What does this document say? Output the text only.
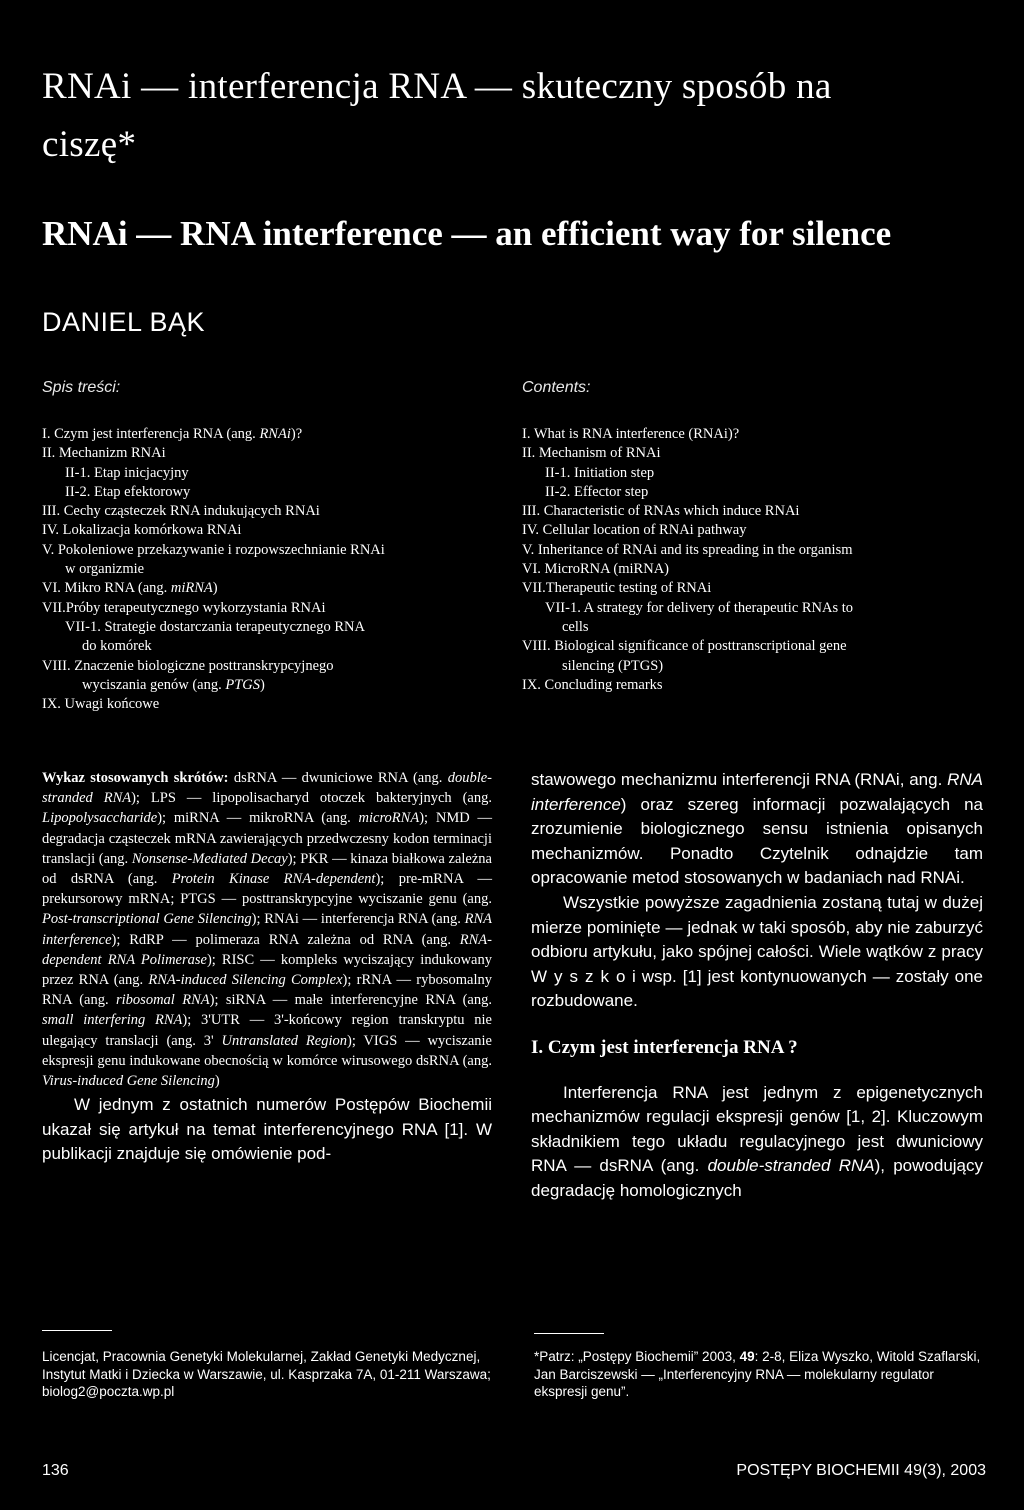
RNAi — interferencja RNA — skuteczny sposób na
ciszę*
RNAi — RNA interference — an efficient way for silence
DANIEL BĄK
Spis treści:	Contents:
I. Czym jest interferencja RNA (ang. RNAi)?
II. Mechanizm RNAi
II-1. Etap inicjacyjny
II-2. Etap efektorowy
III. Cechy cząsteczek RNA indukujących RNAi
IV. Lokalizacja komórkowa RNAi
V. Pokoleniowe przekazywanie i rozpowszechnianie RNAi
w organizmie
VI. Mikro RNA (ang. miRNA)
VII.Próby terapeutycznego wykorzystania RNAi
VII-1. Strategie dostarczania terapeutycznego RNA
do komórek
VIII. Znaczenie biologiczne posttranskrypcyjnego
wyciszania genów (ang. PTGS)
IX. Uwagi końcowe
I. What is RNA interference (RNAi)?
II. Mechanism of RNAi
II-1. Initiation step
II-2. Effector step
III. Characteristic of RNAs which induce RNAi
IV. Cellular location of RNAi pathway
V. Inheritance of RNAi and its spreading in the organism
VI. MicroRNA (miRNA)
VII.Therapeutic testing of RNAi
VII-1. A strategy for delivery of therapeutic RNAs to
cells
VIII. Biological significance of posttranscriptional gene
silencing (PTGS)
IX. Concluding remarks

Wykaz stosowanych skrótów: dsRNA — dwuniciowe RNA (ang. double-stranded RNA); LPS — lipopolisacharyd otoczek bakteryjnych (ang. Lipopolysaccharide); miRNA — mikroRNA (ang. microRNA); NMD — degradacja cząsteczek mRNA zawierających przedwczesny kodon terminacji translacji (ang. Nonsense-Mediated Decay); PKR — kinaza białkowa zależna od dsRNA (ang. Protein Kinase RNA-dependent); pre-mRNA — prekursorowy mRNA; PTGS — posttranskrypcyjne wyciszanie genu (ang. Post-transcriptional Gene Silencing); RNAi — interferencja RNA (ang. RNA interference); RdRP — polimeraza RNA zależna od RNA (ang. RNA-dependent RNA Polimerase); RISC — kompleks wyciszający indukowany przez RNA (ang. RNA-induced Silencing Complex); rRNA — rybosomalny RNA (ang. ribosomal RNA); siRNA — małe interferencyjne RNA (ang. small interfering RNA); 3'UTR — 3'-końcowy region transkryptu nie ulegający translacji (ang. 3' Untranslated Region); VIGS — wyciszanie ekspresji genu indukowane obecnością w komórce wirusowego dsRNA (ang. Virus-induced Gene Silencing)

W jednym z ostatnich numerów Postępów Biochemii ukazał się artykuł na temat interferencyjnego RNA [1]. W publikacji znajduje się omówienie pod-

stawowego mechanizmu interferencji RNA (RNAi, ang. RNA interference) oraz szereg informacji pozwalających na zrozumienie biologicznego sensu istnienia opisanych mechanizmów. Ponadto Czytelnik odnajdzie tam opracowanie metod stosowanych w badaniach nad RNAi.

Wszystkie powyższe zagadnienia zostaną tutaj w dużej mierze pominięte — jednak w taki sposób, aby nie zaburzyć odbioru artykułu, jako spójnej całości. Wiele wątków z pracy W y s z k o i wsp. [1] jest kontynuowanych — zostały one rozbudowane.

I. Czym jest interferencja RNA ?

Interferencja RNA jest jednym z epigenetycznych mechanizmów regulacji ekspresji genów [1, 2]. Kluczowym składnikiem tego układu regulacyjnego jest dwuniciowy RNA — dsRNA (ang. double-stranded RNA), powodujący degradację homologicznych

Licencjat, Pracownia Genetyki Molekularnej, Zakład Genetyki Medycznej, Instytut Matki i Dziecka w Warszawie, ul. Kasprzaka 7A, 01-211 Warszawa; biolog2@poczta.wp.pl
*Patrz: „Postępy Biochemii” 2003, 49: 2-8, Eliza Wyszko, Witold Szaflarski, Jan Barciszewski — „Interferencyjny RNA — molekularny regulator ekspresji genu”.
136	POSTĘPY BIOCHEMII 49(3), 2003
